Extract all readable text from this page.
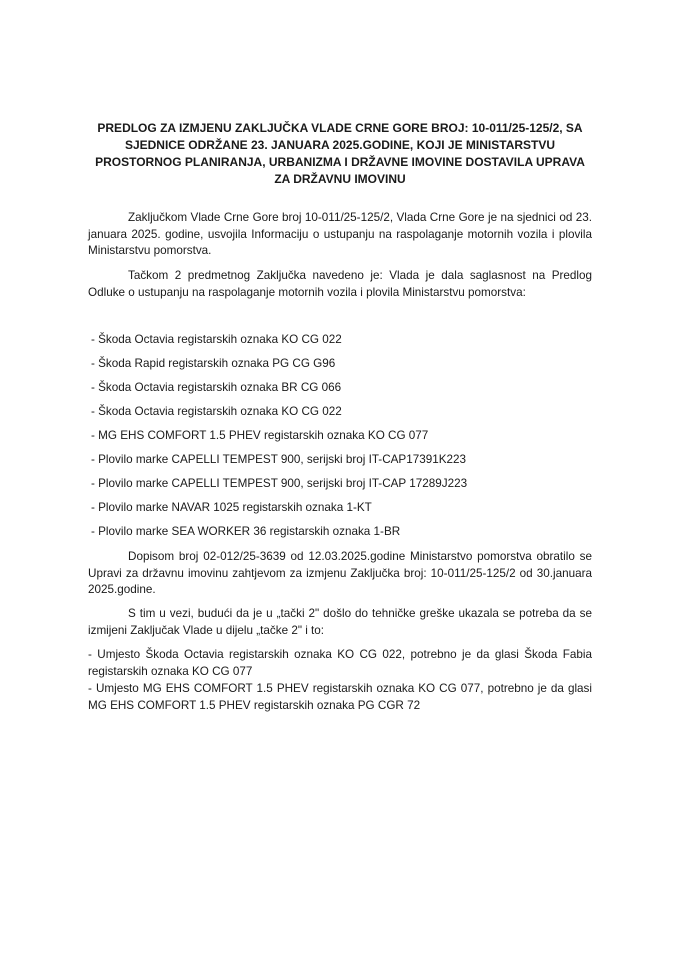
PREDLOG ZA IZMJENU ZAKLJUČKA VLADE CRNE GORE BROJ: 10-011/25-125/2, SA SJEDNICE ODRŽANE 23. JANUARA 2025.GODINE, KOJI JE MINISTARSTVU PROSTORNOG PLANIRANJA, URBANIZMA I DRŽAVNE IMOVINE DOSTAVILA UPRAVA ZA DRŽAVNU IMOVINU
Zaključkom Vlade Crne Gore broj 10-011/25-125/2, Vlada Crne Gore je na sjednici od 23. januara 2025. godine, usvojila Informaciju o ustupanju na raspolaganje motornih vozila i plovila Ministarstvu pomorstva.
Tačkom 2 predmetnog Zaključka navedeno je: Vlada je dala saglasnost na Predlog Odluke o ustupanju na raspolaganje motornih vozila i plovila Ministarstvu pomorstva:
- Škoda Octavia registarskih oznaka KO CG 022
- Škoda Rapid registarskih oznaka PG CG G96
- Škoda Octavia registarskih oznaka BR CG 066
- Škoda Octavia registarskih oznaka KO CG 022
- MG EHS COMFORT 1.5 PHEV registarskih oznaka KO CG 077
- Plovilo marke CAPELLI TEMPEST 900, serijski broj IT-CAP17391K223
- Plovilo marke CAPELLI TEMPEST 900, serijski broj IT-CAP 17289J223
- Plovilo marke NAVAR 1025 registarskih oznaka 1-KT
- Plovilo marke SEA WORKER 36 registarskih oznaka 1-BR
Dopisom broj 02-012/25-3639 od 12.03.2025.godine Ministarstvo pomorstva obratilo se Upravi za državnu imovinu zahtjevom za izmjenu Zaključka broj: 10-011/25-125/2 od 30.januara 2025.godine.
S tim u vezi, budući da je u „tački 2" došlo do tehničke greške ukazala se potreba da se izmijeni Zaključak Vlade u dijelu „tačke 2" i to:
- Umjesto Škoda Octavia registarskih oznaka KO CG 022, potrebno je da glasi Škoda Fabia registarskih oznaka KO CG 077
- Umjesto MG EHS COMFORT 1.5 PHEV registarskih oznaka KO CG 077, potrebno je da glasi MG EHS COMFORT 1.5 PHEV registarskih oznaka PG CGR 72
